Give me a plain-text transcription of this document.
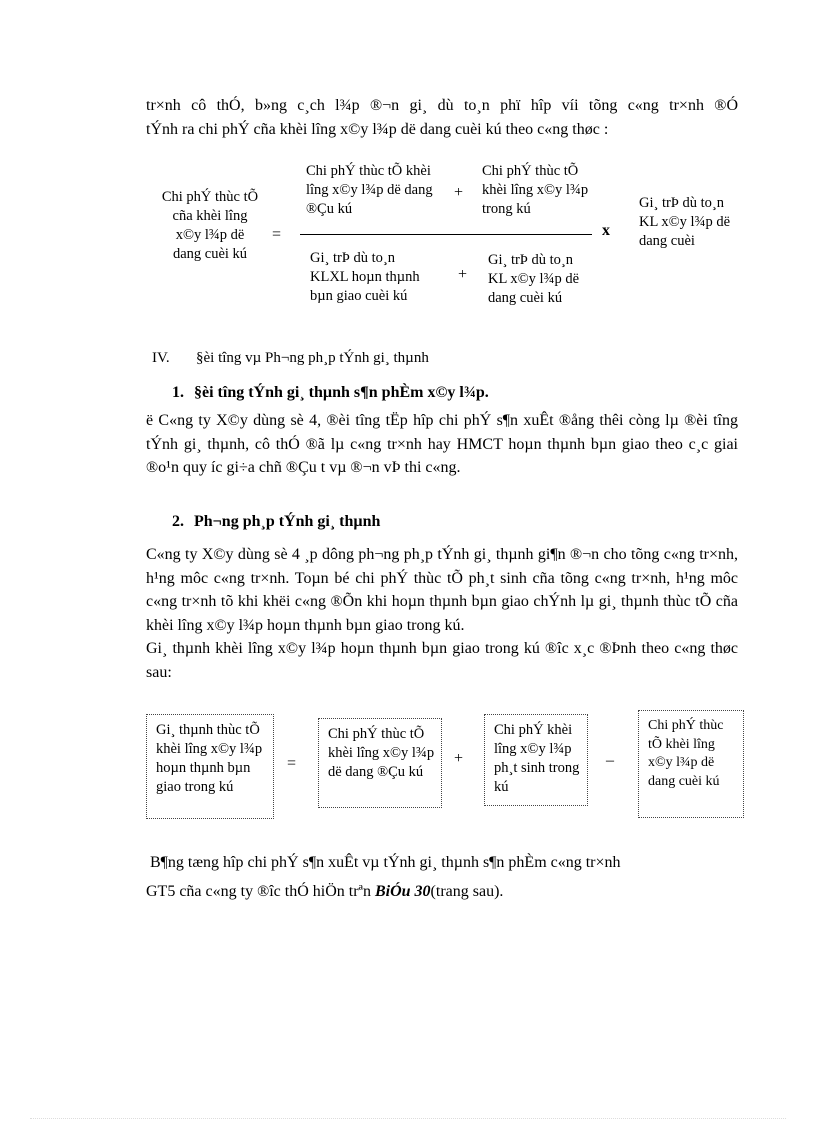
tr×nh cô thÓ, b»ng c¸ch l¾p ®¬n gi¸ dù to¸n phï hîp víi tõng c«ng tr×nh ®Ó

tÝnh ra chi phÝ cña khèi lîng x©y l¾p dë dang cuèi kú theo c«ng thøc :

Chi phÝ thùc tÕ cña khèi lîng x©y l¾p dë dang cuèi kú
=
Chi phÝ thùc tÕ khèi lîng x©y l¾p dë dang ®Çu kú
+
Chi phÝ thùc tÕ khèi lîng x©y l¾p trong kú
x
Gi¸ trÞ dù to¸n KLXL hoµn thµnh bµn giao cuèi kú
+
Gi¸ trÞ dù to¸n KL x©y l¾p dë dang cuèi kú
Gi¸ trÞ dù to¸n KL x©y l¾p dë dang cuèi
IV. §èi tîng vµ Ph¬ng ph¸p tÝnh gi¸ thµnh
1. §èi tîng tÝnh gi¸ thµnh s¶n phÈm x©y l¾p.

ë C«ng ty X©y dùng sè 4, ®èi tîng tËp hîp chi phÝ s¶n xuÊt ®ång thêi còng lµ ®èi tîng tÝnh gi¸ thµnh, cô thÓ ®ã lµ c«ng tr×nh hay HMCT hoµn thµnh bµn giao theo c¸c giai ®o¹n quy íc gi÷a chñ ®Çu t vµ ®¬n vÞ thi c«ng.

2. Ph¬ng ph¸p tÝnh gi¸ thµnh

C«ng ty X©y dùng sè 4 ¸p dông ph¬ng ph¸p tÝnh gi¸ thµnh gi¶n ®¬n cho tõng c«ng tr×nh, h¹ng môc c«ng tr×nh. Toµn bé chi phÝ thùc tÕ ph¸t sinh cña tõng c«ng tr×nh, h¹ng môc c«ng tr×nh tõ khi khëi c«ng ®Õn khi hoµn thµnh bµn giao chÝnh lµ gi¸ thµnh thùc tÕ cña khèi lîng x©y l¾p hoµn thµnh bµn giao trong kú.

Gi¸ thµnh khèi lîng x©y l¾p hoµn thµnh bµn giao trong kú ®îc x¸c ®Þnh theo c«ng thøc sau:

Gi¸ thµnh thùc tÕ khèi lîng x©y l¾p hoµn thµnh bµn giao trong kú
=
Chi phÝ thùc tÕ khèi lîng x©y l¾p dë dang ®Çu kú
+
Chi phÝ khèi lîng x©y l¾p ph¸t sinh trong kú
–
Chi phÝ thùc tÕ khèi lîng x©y l¾p dë dang cuèi kú
B¶ng tæng hîp chi phÝ s¶n xuÊt vµ tÝnh gi¸ thµnh s¶n phÈm c«ng tr×nh
GT5 cña c«ng ty ®îc thÓ hiÖn trªn BiÓu 30(trang sau).
